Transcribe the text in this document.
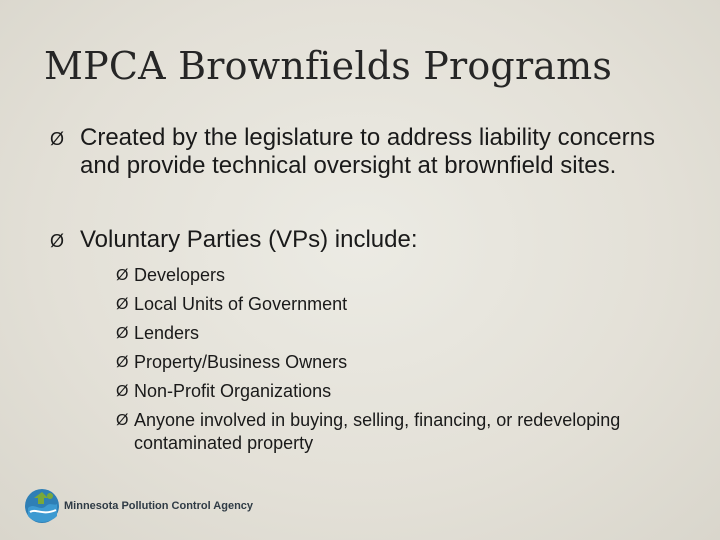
MPCA Brownfields Programs
Ø Created by the legislature to address liability concerns and provide technical oversight at brownfield sites.
Ø Voluntary Parties (VPs) include:
Ø Developers
Ø Local Units of Government
Ø Lenders
Ø Property/Business Owners
Ø Non-Profit Organizations
Ø Anyone involved in buying, selling, financing, or redeveloping contaminated property
Minnesota Pollution Control Agency
